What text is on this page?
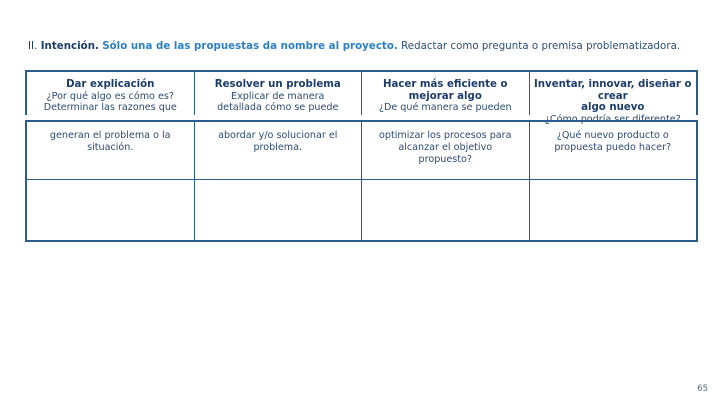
II. Intención. Sólo una de las propuestas da nombre al proyecto. Redactar como pregunta o premisa problematizadora.
Dar explicación
¿Por qué algo es cómo es?
Determinar las razones que
Resolver un problema
Explicar de manera
detallada cómo se puede
Hacer más eficiente o
mejorar algo
¿De qué manera se pueden
Inventar, innovar, diseñar o crear
algo nuevo
¿Cómo podría ser diferente?
generan el problema o la
situación.
abordar y/o solucionar el
problema.
optimizar los procesos para
alcanzar el objetivo
propuesto?
¿Qué nuevo producto o
propuesta puedo hacer?
65
